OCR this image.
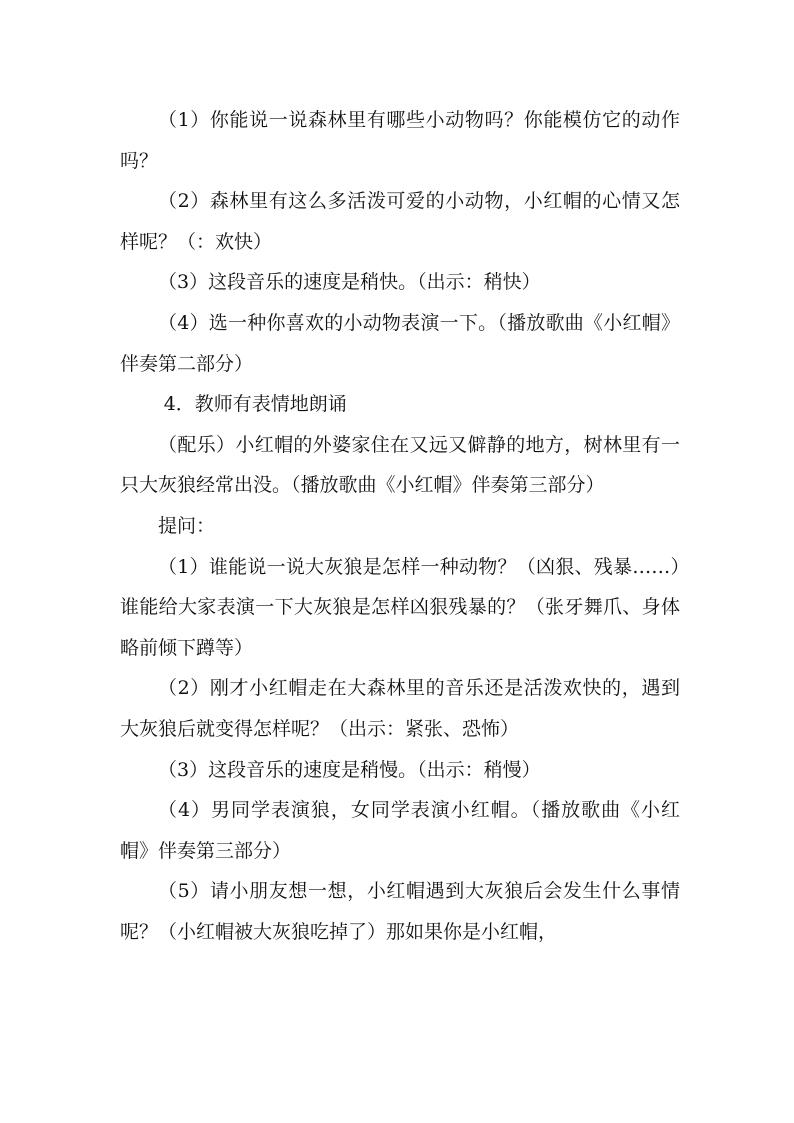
（1）你能说一说森林里有哪些小动物吗？你能模仿它的动作吗？

（2）森林里有这么多活泼可爱的小动物，小红帽的心情又怎样呢？（：欢快）

（3）这段音乐的速度是稍快。（出示：稍快）

（4）选一种你喜欢的小动物表演一下。（播放歌曲《小红帽》伴奏第二部分）

4．教师有表情地朗诵

（配乐）小红帽的外婆家住在又远又僻静的地方，树林里有一只大灰狼经常出没。（播放歌曲《小红帽》伴奏第三部分）

提问：

（1）谁能说一说大灰狼是怎样一种动物？（凶狠、残暴……）谁能给大家表演一下大灰狼是怎样凶狠残暴的？（张牙舞爪、身体略前倾下蹲等）

（2）刚才小红帽走在大森林里的音乐还是活泼欢快的，遇到大灰狼后就变得怎样呢？（出示：紧张、恐怖）

（3）这段音乐的速度是稍慢。（出示：稍慢）

（4）男同学表演狼，女同学表演小红帽。（播放歌曲《小红帽》伴奏第三部分）

（5）请小朋友想一想，小红帽遇到大灰狼后会发生什么事情呢？（小红帽被大灰狼吃掉了）那如果你是小红帽，
